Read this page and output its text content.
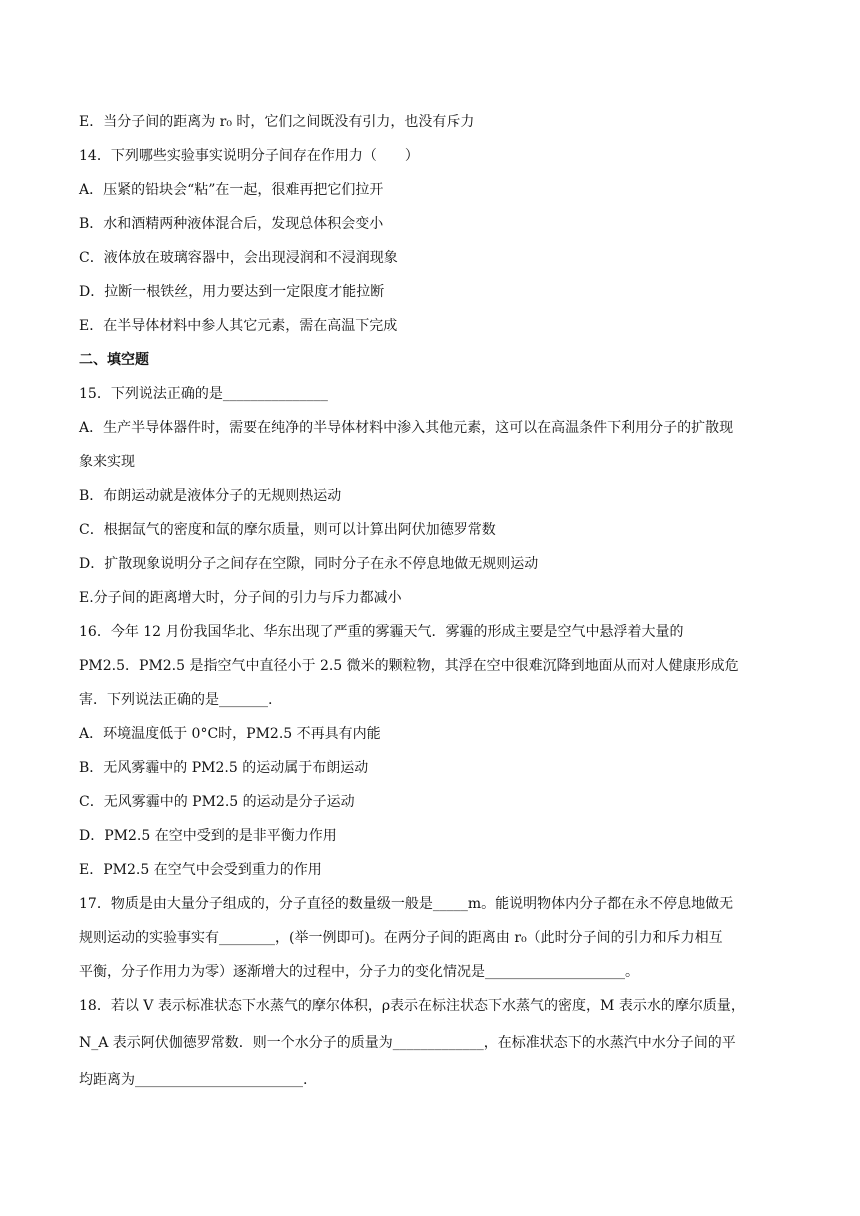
E．当分子间的距离为 r₀ 时，它们之间既没有引力，也没有斥力
14．下列哪些实验事实说明分子间存在作用力（　　）
A．压紧的铅块会“粘”在一起，很难再把它们拉开
B．水和酒精两种液体混合后，发现总体积会变小
C．液体放在玻璃容器中，会出现浸润和不浸润现象
D．拉断一根铁丝，用力要达到一定限度才能拉断
E．在半导体材料中参人其它元素，需在高温下完成
二、填空题
15．下列说法正确的是_______________
A．生产半导体器件时，需要在纯净的半导体材料中渗入其他元素，这可以在高温条件下利用分子的扩散现
象来实现
B．布朗运动就是液体分子的无规则热运动
C．根据氙气的密度和氙的摩尔质量，则可以计算出阿伏加德罗常数
D．扩散现象说明分子之间存在空隙，同时分子在永不停息地做无规则运动
E.分子间的距离增大时，分子间的引力与斥力都减小
16．今年 12 月份我国华北、华东出现了严重的雾霾天气．雾霾的形成主要是空气中悬浮着大量的
PM2.5．PM2.5 是指空气中直径小于 2.5 微米的颗粒物，其浮在空中很难沉降到地面从而对人健康形成危
害．下列说法正确的是_______.
A．环境温度低于 0°C时，PM2.5 不再具有内能
B．无风雾霾中的 PM2.5 的运动属于布朗运动
C．无风雾霾中的 PM2.5 的运动是分子运动
D．PM2.5 在空中受到的是非平衡力作用
E．PM2.5 在空气中会受到重力的作用
17．物质是由大量分子组成的，分子直径的数量级一般是_____m。能说明物体内分子都在永不停息地做无
规则运动的实验事实有________，(举一例即可)。在两分子间的距离由 r₀（此时分子间的引力和斥力相互
平衡，分子作用力为零）逐渐增大的过程中，分子力的变化情况是____________________。
18．若以 V 表示标准状态下水蒸气的摩尔体积，ρ表示在标注状态下水蒸气的密度，M 表示水的摩尔质量，
N_A 表示阿伏伽德罗常数．则一个水分子的质量为_____________，在标准状态下的水蒸汽中水分子间的平
均距离为________________________.
